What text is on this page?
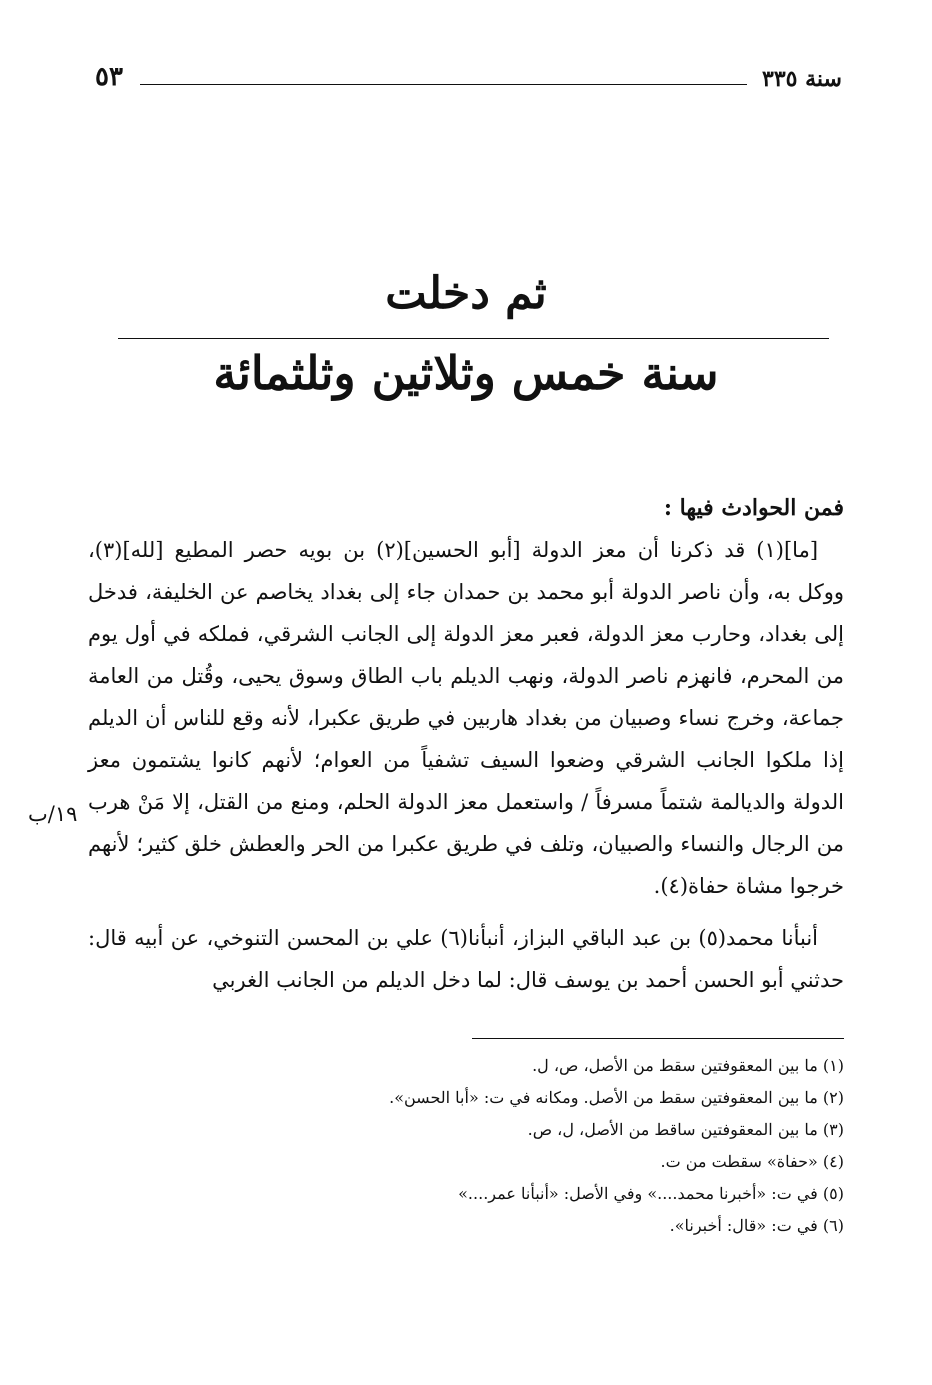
سنة ٣٣٥
٥٣
ثم دخلت
سنة خمس وثلاثين وثلثمائة

فمن الحوادث فيها :

[ما](١) قد ذكرنا أن معز الدولة [أبو الحسين](٢) بن بويه حصر المطيع [لله](٣)، ووكل به، وأن ناصر الدولة أبو محمد بن حمدان جاء إلى بغداد يخاصم عن الخليفة، فدخل إلى بغداد، وحارب معز الدولة، فعبر معز الدولة إلى الجانب الشرقي، فملكه في أول يوم من المحرم، فانهزم ناصر الدولة، ونهب الديلم باب الطاق وسوق يحيى، وقُتل من العامة جماعة، وخرج نساء وصبيان من بغداد هاربين في طريق عكبرا، لأنه وقع للناس أن الديلم إذا ملكوا الجانب الشرقي وضعوا السيف تشفياً من العوام؛ لأنهم كانوا يشتمون معز الدولة والديالمة شتماً مسرفاً / واستعمل معز الدولة الحلم، ومنع من القتل، إلا مَنْ هرب من الرجال والنساء والصبيان، وتلف في طريق عكبرا من الحر والعطش خلق كثير؛ لأنهم خرجوا مشاة حفاة(٤).

أنبأنا محمد(٥) بن عبد الباقي البزاز، أنبأنا(٦) علي بن المحسن التنوخي، عن أبيه قال: حدثني أبو الحسن أحمد بن يوسف قال: لما دخل الديلم من الجانب الغربي

١٩/ب

(١) ما بين المعقوفتين سقط من الأصل، ص، ل.

(٢) ما بين المعقوفتين سقط من الأصل. ومكانه في ت: «أبا الحسن».

(٣) ما بين المعقوفتين ساقط من الأصل، ل، ص.

(٤) «حفاة» سقطت من ت.

(٥) في ت: «أخبرنا محمد....» وفي الأصل: «أنبأنا عمر....»

(٦) في ت: «قال: أخبرنا».
